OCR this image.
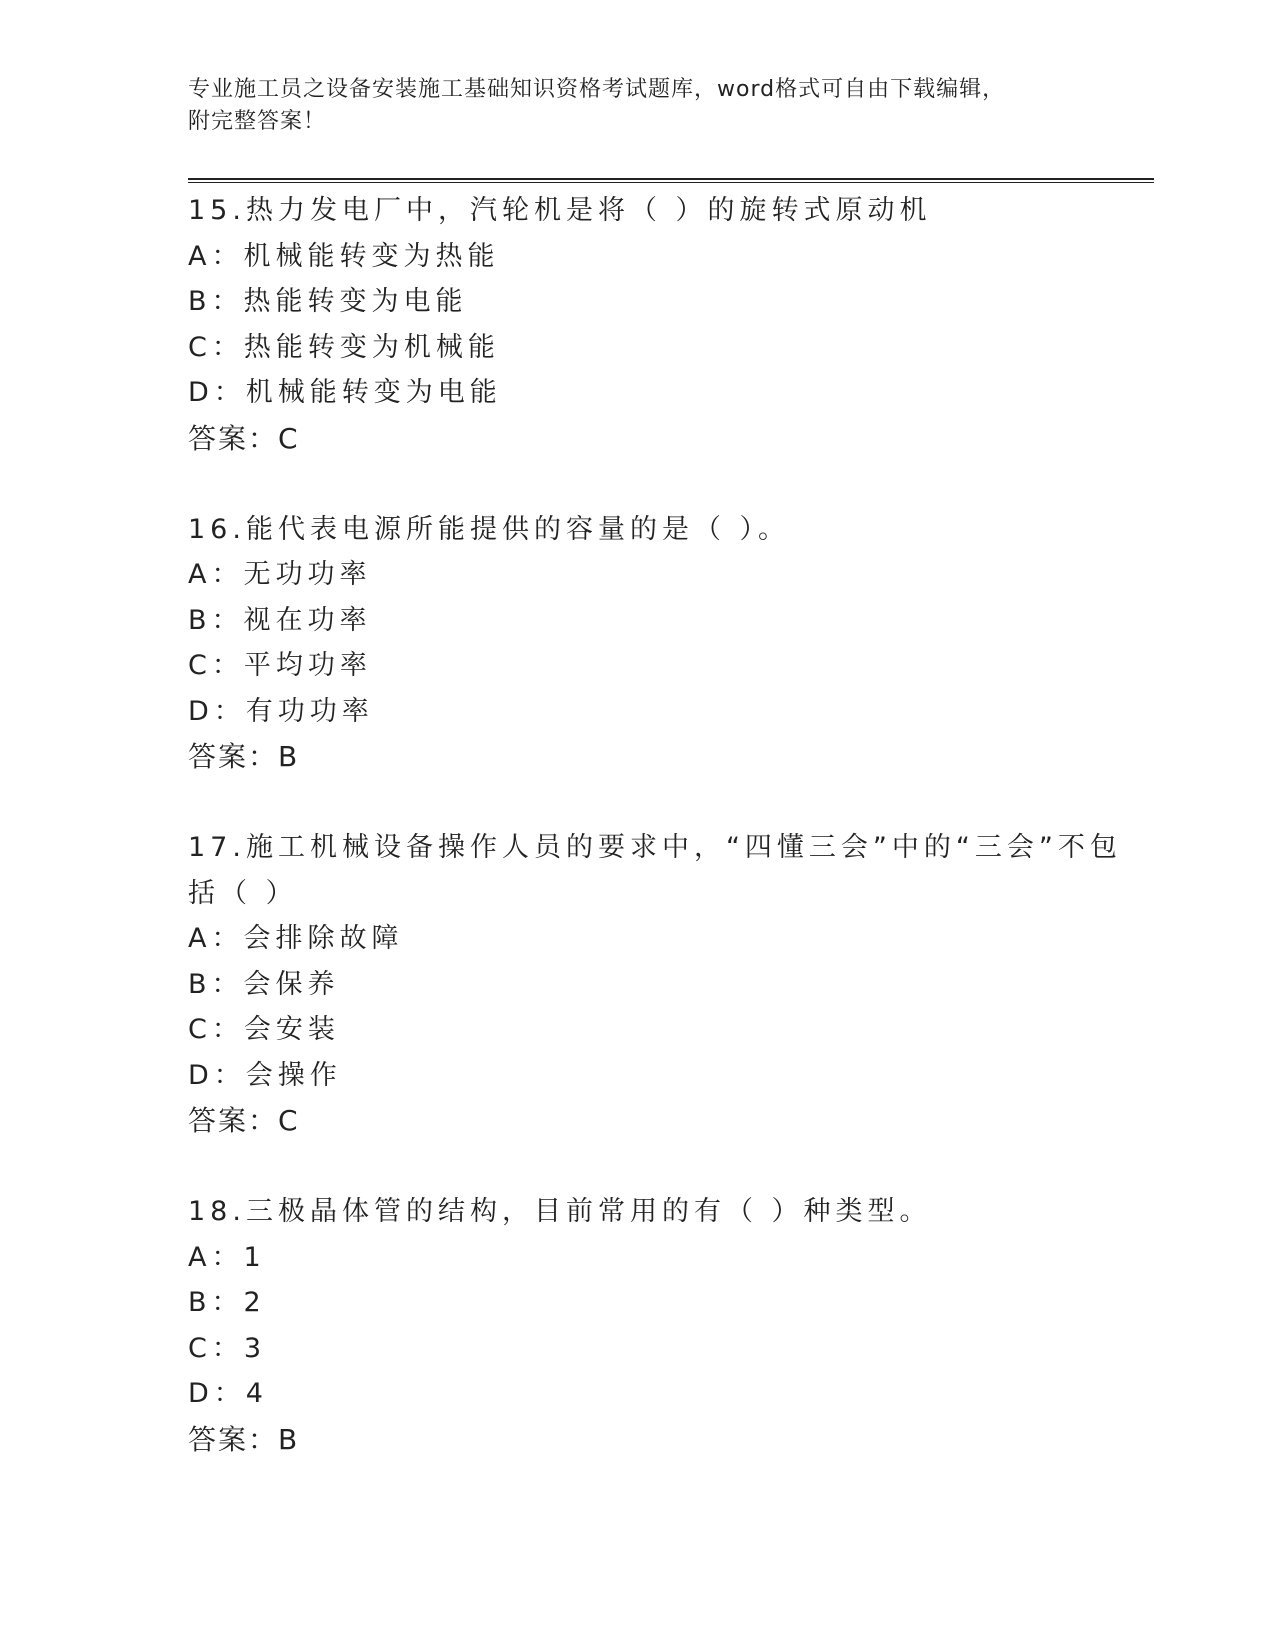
专业施工员之设备安装施工基础知识资格考试题库，word格式可自由下载编辑，
附完整答案！
15.热力发电厂中，汽轮机是将（ ）的旋转式原动机
A：机械能转变为热能
B：热能转变为电能
C：热能转变为机械能
D：机械能转变为电能
答案：C
16.能代表电源所能提供的容量的是（ ）。
A：无功功率
B：视在功率
C：平均功率
D：有功功率
答案：B
17.施工机械设备操作人员的要求中，“四懂三会”中的“三会”不包
括（ ）
A：会排除故障
B：会保养
C：会安装
D：会操作
答案：C
18.三极晶体管的结构，目前常用的有（ ）种类型。
A：1
B：2
C：3
D：4
答案：B
